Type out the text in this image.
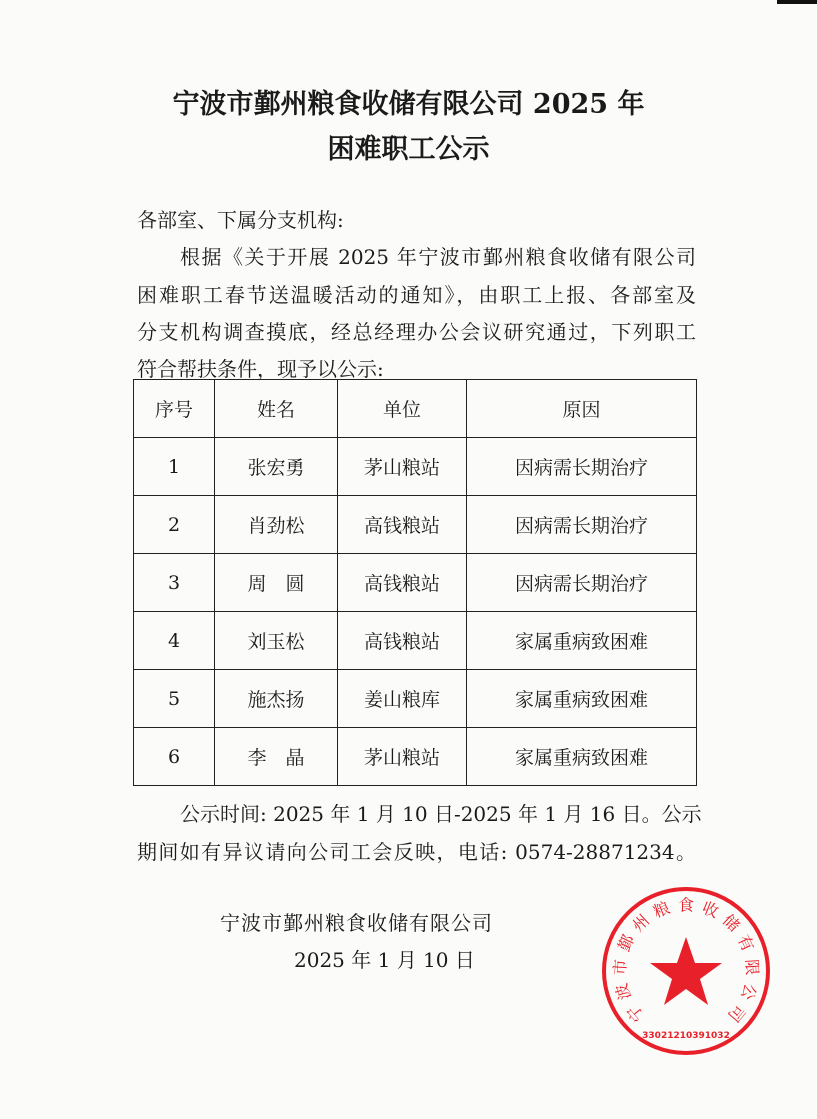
宁波市鄞州粮食收储有限公司 2025 年
困难职工公示
各部室、下属分支机构:
根据《关于开展 2025 年宁波市鄞州粮食收储有限公司
困难职工春节送温暖活动的通知》，由职工上报、各部室及
分支机构调查摸底，经总经理办公会议研究通过，下列职工
符合帮扶条件，现予以公示:
序号	姓名	单位	原因
1	张宏勇	茅山粮站	因病需长期治疗
2	肖劲松	高钱粮站	因病需长期治疗
3	周　圆	高钱粮站	因病需长期治疗
4	刘玉松	高钱粮站	家属重病致困难
5	施杰扬	姜山粮库	家属重病致困难
6	李　晶	茅山粮站	家属重病致困难
公示时间: 2025 年 1 月 10 日-2025 年 1 月 16 日。公示
期间如有异议请向公司工会反映，电话: 0574-28871234。
宁波市鄞州粮食收储有限公司
2025 年 1 月 10 日
宁
波
市
鄞
州
粮 食 收
储
有
限
公
司
33021210391032
